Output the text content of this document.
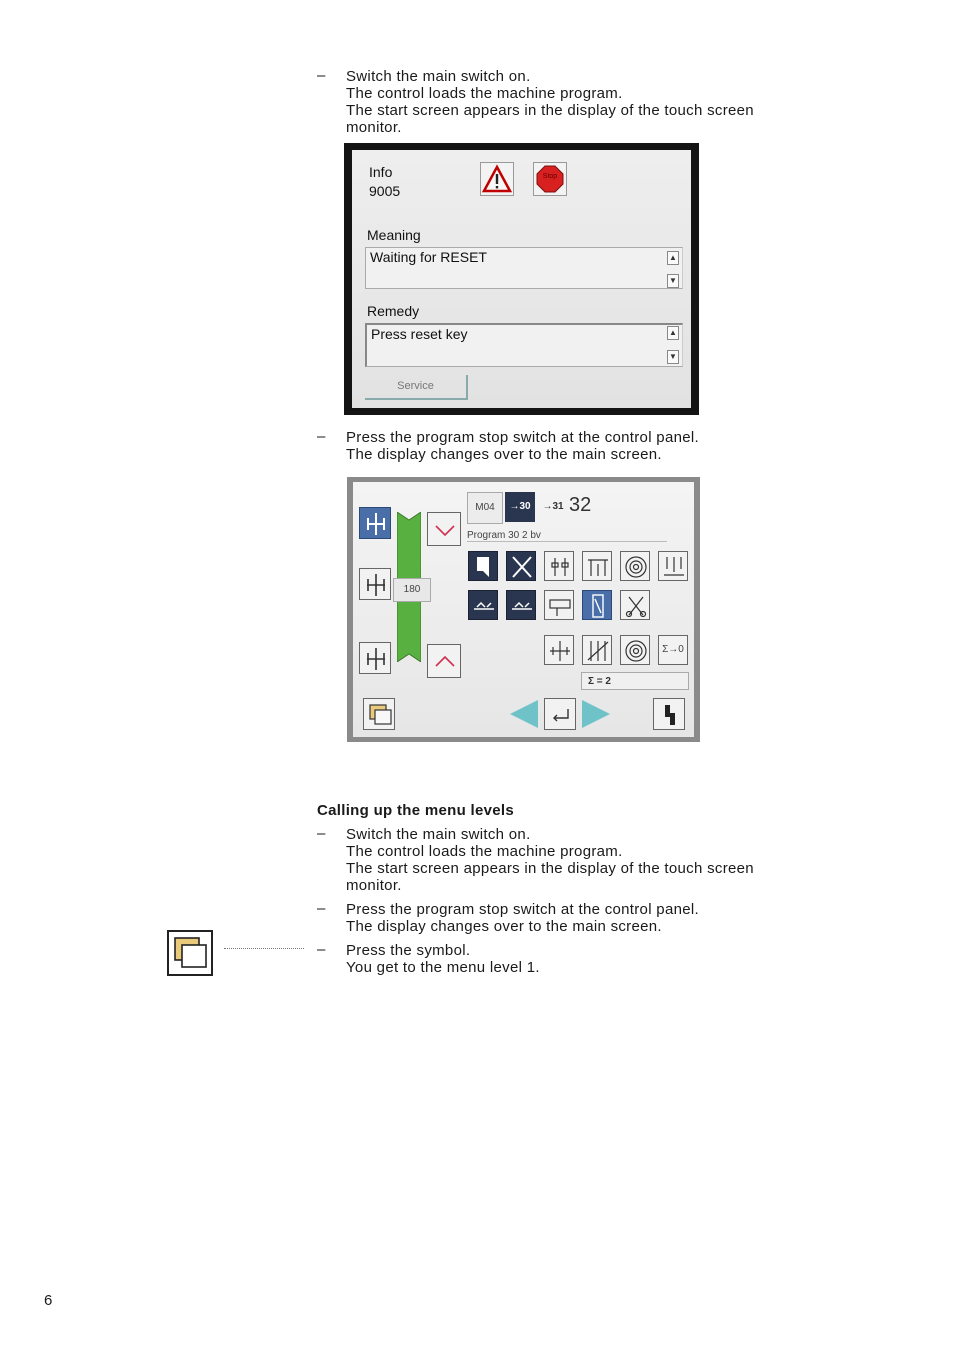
– Switch the main switch on.
The control loads the machine program.
The start screen appears in the display of the touch screen
monitor.
Info
9005
Stop
Meaning
Waiting for RESET	▲
▼
Remedy
Press reset key	▲
▼
Service
– Press the program stop switch at the control panel.
The display changes over to the main screen.
180
M04	→30	→31 32
Program 30 2 bv
Σ→0
Σ = 2
Calling up the menu levels
– Switch the main switch on.
The control loads the machine program.
The start screen appears in the display of the touch screen
monitor.
– Press the program stop switch at the control panel.
The display changes over to the main screen.
– Press the symbol.
You get to the menu level 1.
6
